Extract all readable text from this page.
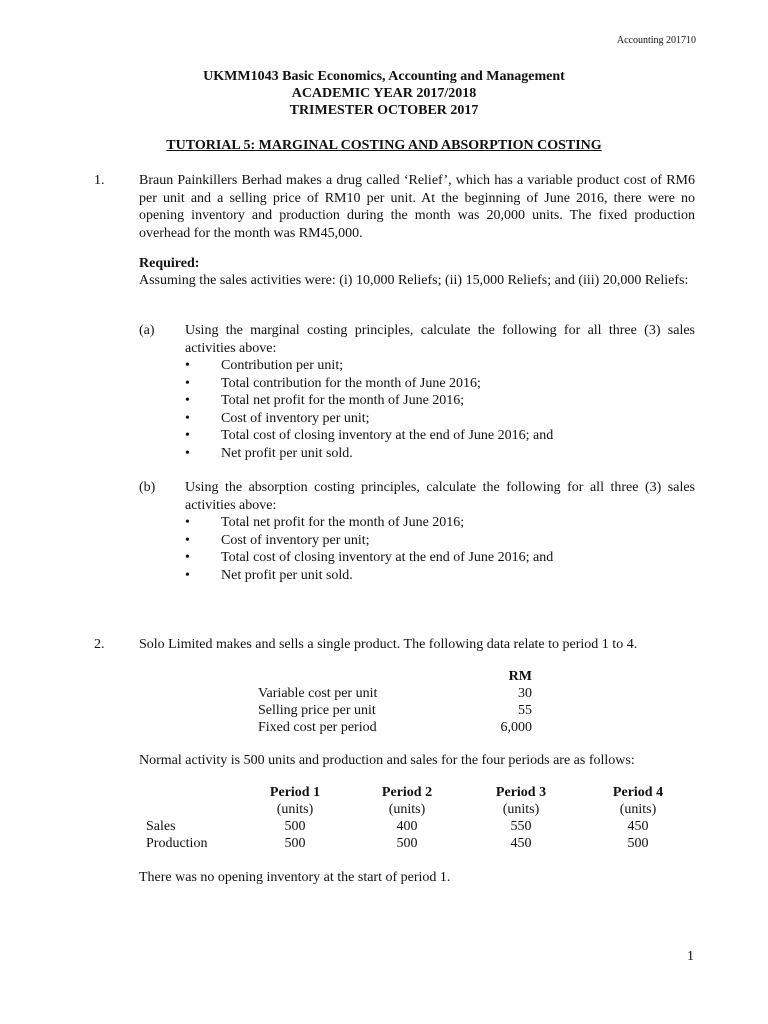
Accounting 201710
UKMM1043 Basic Economics, Accounting and Management
ACADEMIC YEAR 2017/2018
TRIMESTER OCTOBER 2017
TUTORIAL 5: MARGINAL COSTING AND ABSORPTION COSTING
1. Braun Painkillers Berhad makes a drug called ‘Relief’, which has a variable product cost of RM6 per unit and a selling price of RM10 per unit. At the beginning of June 2016, there were no opening inventory and production during the month was 20,000 units. The fixed production overhead for the month was RM45,000.
Required:
Assuming the sales activities were: (i) 10,000 Reliefs; (ii) 15,000 Reliefs; and (iii) 20,000 Reliefs:
(a) Using the marginal costing principles, calculate the following for all three (3) sales activities above:
• Contribution per unit;
• Total contribution for the month of June 2016;
• Total net profit for the month of June 2016;
• Cost of inventory per unit;
• Total cost of closing inventory at the end of June 2016; and
• Net profit per unit sold.
(b) Using the absorption costing principles, calculate the following for all three (3) sales activities above:
• Total net profit for the month of June 2016;
• Cost of inventory per unit;
• Total cost of closing inventory at the end of June 2016; and
• Net profit per unit sold.
2. Solo Limited makes and sells a single product. The following data relate to period 1 to 4.
	RM
Variable cost per unit	30
Selling price per unit	55
Fixed cost per period	6,000
Normal activity is 500 units and production and sales for the four periods are as follows:
	Period 1	Period 2	Period 3	Period 4
	(units)	(units)	(units)	(units)
Sales	500	400	550	450
Production	500	500	450	500
There was no opening inventory at the start of period 1.
1
